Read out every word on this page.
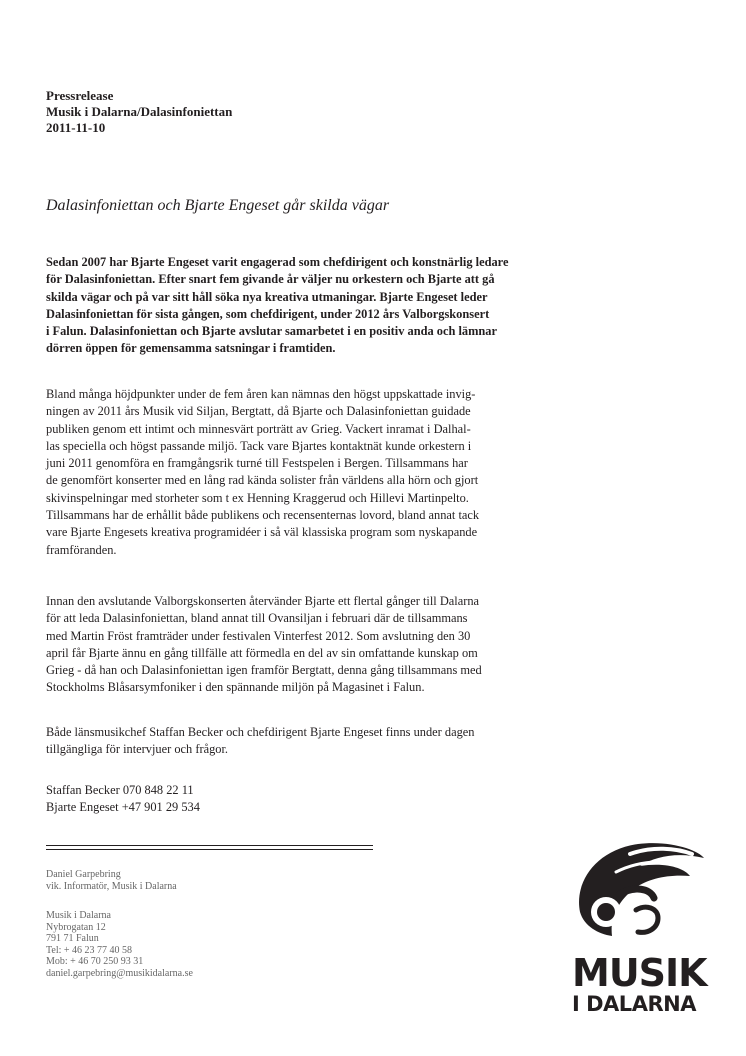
Pressrelease
Musik i Dalarna/Dalasinfoniettan
2011-11-10
Dalasinfoniettan och Bjarte Engeset går skilda vägar
Sedan 2007 har Bjarte Engeset varit engagerad som chefdirigent och konstnärlig ledare
för Dalasinfoniettan. Efter snart fem givande år väljer nu orkestern och Bjarte att gå
skilda vägar och på var sitt håll söka nya kreativa utmaningar. Bjarte Engeset leder
Dalasinfoniettan för sista gången, som chefdirigent, under 2012 års Valborgskonsert
i Falun. Dalasinfoniettan och Bjarte avslutar samarbetet i en positiv anda och lämnar
dörren öppen för gemensamma satsningar i framtiden.
Bland många höjdpunkter under de fem åren kan nämnas den högst uppskattade invig-
ningen av 2011 års Musik vid Siljan, Bergtatt, då Bjarte och Dalasinfoniettan guidade
publiken genom ett intimt och minnesvärt porträtt av Grieg. Vackert inramat i Dalhal-
las speciella och högst passande miljö. Tack vare Bjartes kontaktnät kunde orkestern i
juni 2011 genomföra en framgångsrik turné till Festspelen i Bergen. Tillsammans har
de genomfört konserter med en lång rad kända solister från världens alla hörn och gjort
skivinspelningar med storheter som t ex Henning Kraggerud och Hillevi Martinpelto.
Tillsammans har de erhållit både publikens och recensenternas lovord, bland annat tack
vare Bjarte Engesets kreativa programidéer i så väl klassiska program som nyskapande
framföranden.
Innan den avslutande Valborgskonserten återvänder Bjarte ett flertal gånger till Dalarna
för att leda Dalasinfoniettan, bland annat till Ovansiljan i februari där de tillsammans
med Martin Fröst framträder under festivalen Vinterfest 2012. Som avslutning den 30
april får Bjarte ännu en gång tillfälle att förmedla en del av sin omfattande kunskap om
Grieg - då han och Dalasinfoniettan igen framför Bergtatt, denna gång tillsammans med
Stockholms Blåsarsymfoniker i den spännande miljön på Magasinet i Falun.
Både länsmusikchef Staffan Becker och chefdirigent Bjarte Engeset finns under dagen
tillgängliga för intervjuer och frågor.
Staffan Becker 070 848 22 11
Bjarte Engeset +47 901 29 534
Daniel Garpebring
vik. Informatör, Musik i Dalarna
Musik i Dalarna
Nybrogatan 12
791 71 Falun
Tel: + 46 23 77 40 58
Mob: + 46 70 250 93 31
daniel.garpebring@musikidalarna.se	MUSIK
I DALARNA
